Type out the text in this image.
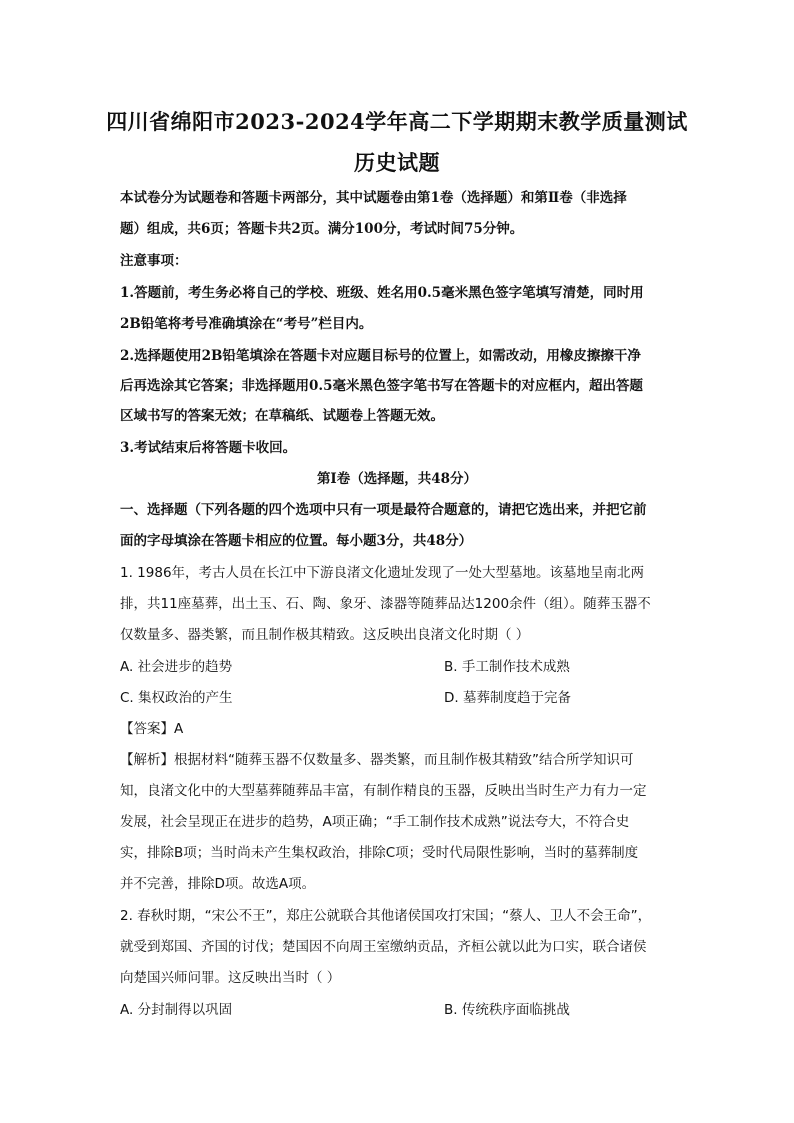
四川省绵阳市2023-2024学年高二下学期期末教学质量测试
历史试题
本试卷分为试题卷和答题卡两部分，其中试题卷由第1卷（选择题）和第Ⅱ卷（非选择
题）组成，共6页；答题卡共2页。满分100分，考试时间75分钟。
注意事项：
1.答题前，考生务必将自己的学校、班级、姓名用0.5毫米黑色签字笔填写清楚，同时用
2B铅笔将考号准确填涂在“考号”栏目内。
2.选择题使用2B铅笔填涂在答题卡对应题目标号的位置上，如需改动，用橡皮擦擦干净
后再选涂其它答案；非选择题用0.5毫米黑色签字笔书写在答题卡的对应框内，超出答题
区域书写的答案无效；在草稿纸、试题卷上答题无效。
3.考试结束后将答题卡收回。
第Ⅰ卷（选择题，共48分）
一、选择题（下列各题的四个选项中只有一项是最符合题意的，请把它选出来，并把它前
面的字母填涂在答题卡相应的位置。每小题3分，共48分）
1. 1986年，考古人员在长江中下游良渚文化遗址发现了一处大型墓地。该墓地呈南北两
排，共11座墓葬，出土玉、石、陶、象牙、漆器等随葬品达1200余件（组）。随葬玉器不
仅数量多、器类繁，而且制作极其精致。这反映出良渚文化时期（ ）
A. 社会进步的趋势	B. 手工制作技术成熟
C. 集权政治的产生	D. 墓葬制度趋于完备
【答案】A
【解析】根据材料“随葬玉器不仅数量多、器类繁，而且制作极其精致”结合所学知识可
知，良渚文化中的大型墓葬随葬品丰富，有制作精良的玉器，反映出当时生产力有力一定
发展，社会呈现正在进步的趋势，A项正确；“手工制作技术成熟”说法夸大，不符合史
实，排除B项；当时尚未产生集权政治，排除C项；受时代局限性影响，当时的墓葬制度
并不完善，排除D项。故选A项。
2. 春秋时期，“宋公不王”，郑庄公就联合其他诸侯国攻打宋国；“蔡人、卫人不会王命”，
就受到郑国、齐国的讨伐；楚国因不向周王室缴纳贡品，齐桓公就以此为口实，联合诸侯
向楚国兴师问罪。这反映出当时（ ）
A. 分封制得以巩固	B. 传统秩序面临挑战
